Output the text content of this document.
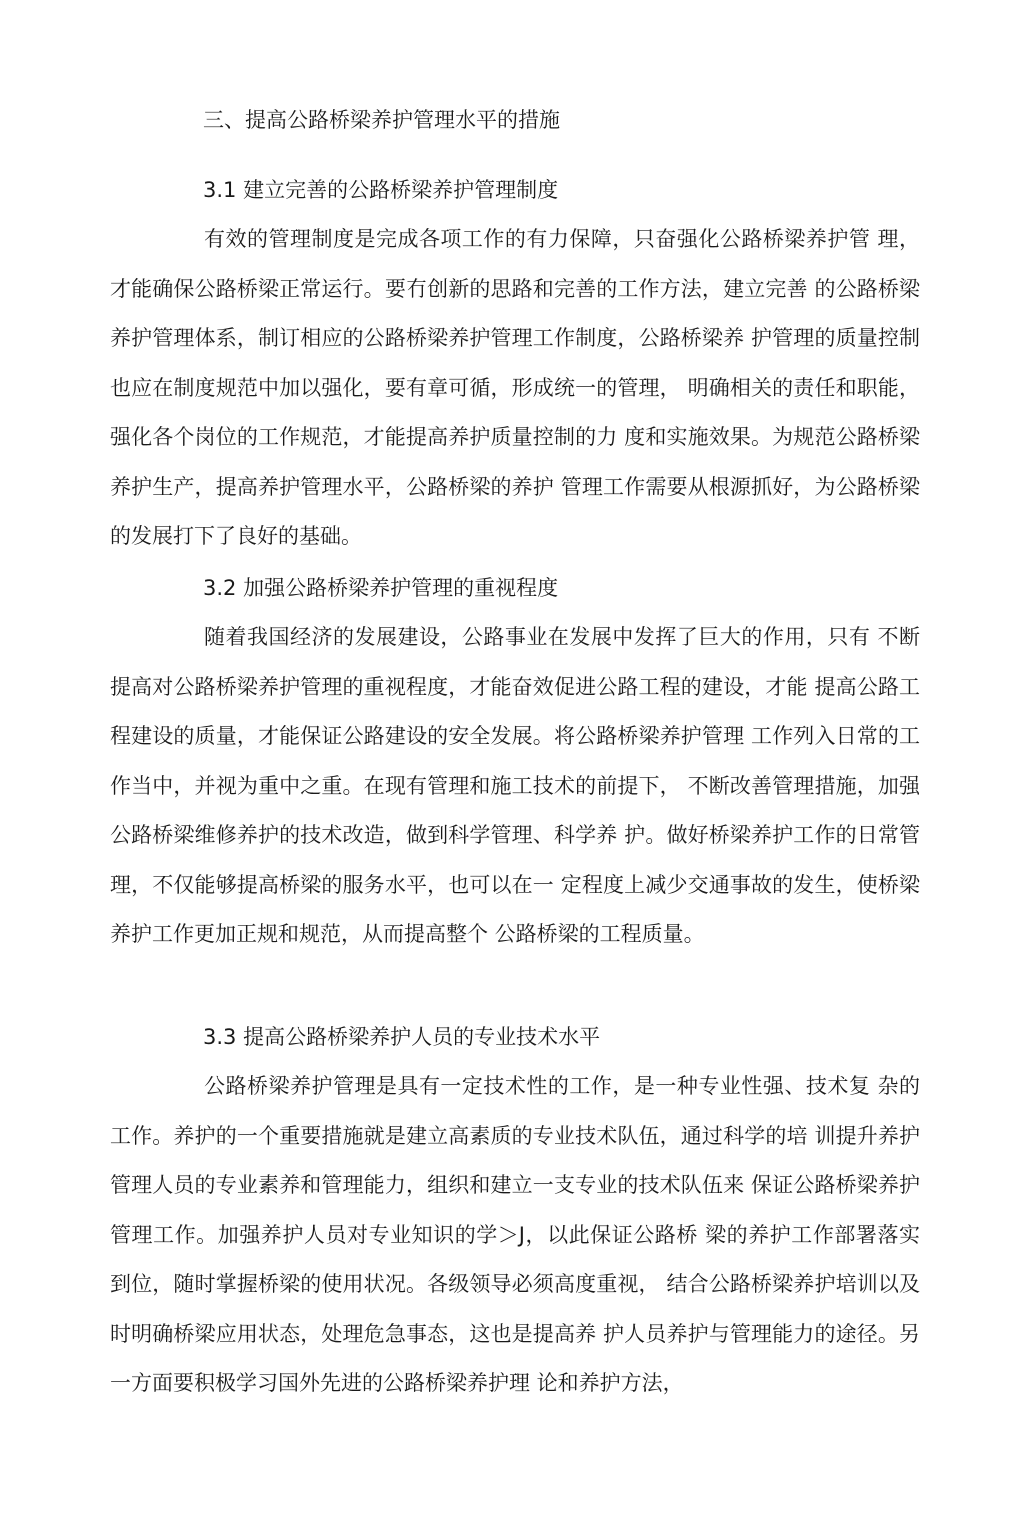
三、提高公路桥梁养护管理水平的措施
3.1 建立完善的公路桥梁养护管理制度
有效的管理制度是完成各项工作的有力保障，只奋强化公路桥梁养护管 理，才能确保公路桥梁正常运行。要冇创新的思路和完善的工作方法，建立完善 的公路桥梁养护管理体系，制订相应的公路桥梁养护管理工作制度，公路桥梁养 护管理的质量控制也应在制度规范中加以强化，要有章可循，形成统一的管理， 明确相关的责任和职能，强化各个岗位的工作规范，才能提高养护质量控制的力 度和实施效果。为规范公路桥梁养护生产，提高养护管理水平，公路桥梁的养护 管理工作需要从根源抓好，为公路桥梁的发展打下了良好的基础。
3.2 加强公路桥梁养护管理的重视程度
随着我国经济的发展建设，公路事业在发展中发挥了巨大的作用，只有 不断提高对公路桥梁养护管理的重视程度，才能奋效促进公路工程的建设，才能 提高公路工程建设的质量，才能保证公路建设的安全发展。将公路桥梁养护管理 工作列入日常的工作当中，并视为重中之重。在现有管理和施工技术的前提下， 不断改善管理措施，加强公路桥梁维修养护的技术改造，做到科学管理、科学养 护。做好桥梁养护工作的日常管理，不仅能够提高桥梁的服务水平，也可以在一 定程度上减少交通事故的发生，使桥梁养护工作更加正规和规范，从而提高整个 公路桥梁的工程质量。
3.3 提高公路桥梁养护人员的专业技术水平
公路桥梁养护管理是具有一定技术性的工作，是一种专业性强、技术复 杂的工作。养护的一个重要措施就是建立高素质的专业技术队伍，通过科学的培 训提升养护管理人员的专业素养和管理能力，组织和建立一支专业的技术队伍来 保证公路桥梁养护管理工作。加强养护人员对专业知识的学＞J，以此保证公路桥 梁的养护工作部署落实到位，随时掌握桥梁的使用状况。各级领导必须高度重视， 结合公路桥梁养护培训以及时明确桥梁应用状态，处理危急事态，这也是提高养 护人员养护与管理能力的途径。另一方面要积极学习国外先进的公路桥梁养护理 论和养护方法，
